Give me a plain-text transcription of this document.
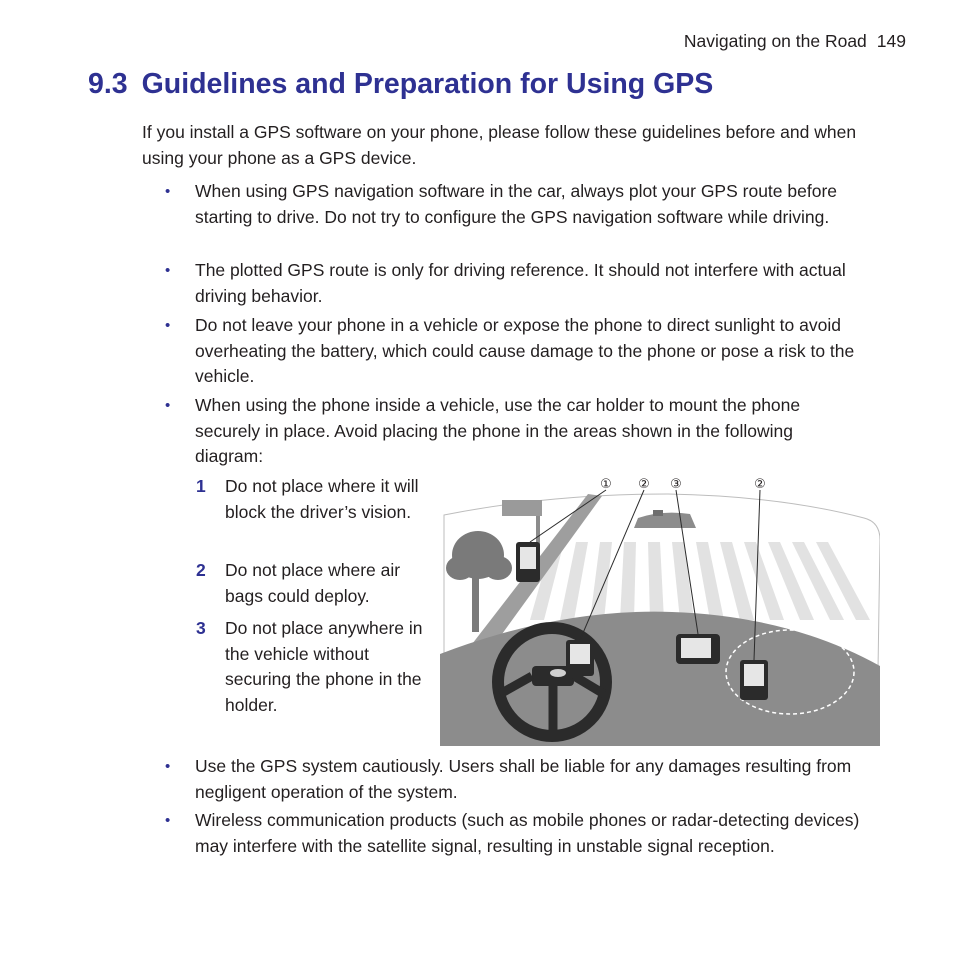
Navigating on the Road 149
9.3 Guidelines and Preparation for Using GPS

If you install a GPS software on your phone, please follow these guidelines before and when using your phone as a GPS device.

• When using GPS navigation software in the car, always plot your GPS route before starting to drive. Do not try to configure the GPS navigation software while driving.
• The plotted GPS route is only for driving reference. It should not interfere with actual driving behavior.
• Do not leave your phone in a vehicle or expose the phone to direct sunlight to avoid overheating the battery, which could cause damage to the phone or pose a risk to the vehicle.
• When using the phone inside a vehicle, use the car holder to mount the phone securely in place. Avoid placing the phone in the areas shown in the following diagram:
1 Do not place where it will block the driver’s vision.
2 Do not place where air bags could deploy.
3 Do not place anywhere in the vehicle without securing the phone in the holder.
① ② ③	②
• Use the GPS system cautiously. Users shall be liable for any damages resulting from negligent operation of the system.
• Wireless communication products (such as mobile phones or radar-detecting devices) may interfere with the satellite signal, resulting in unstable signal reception.
